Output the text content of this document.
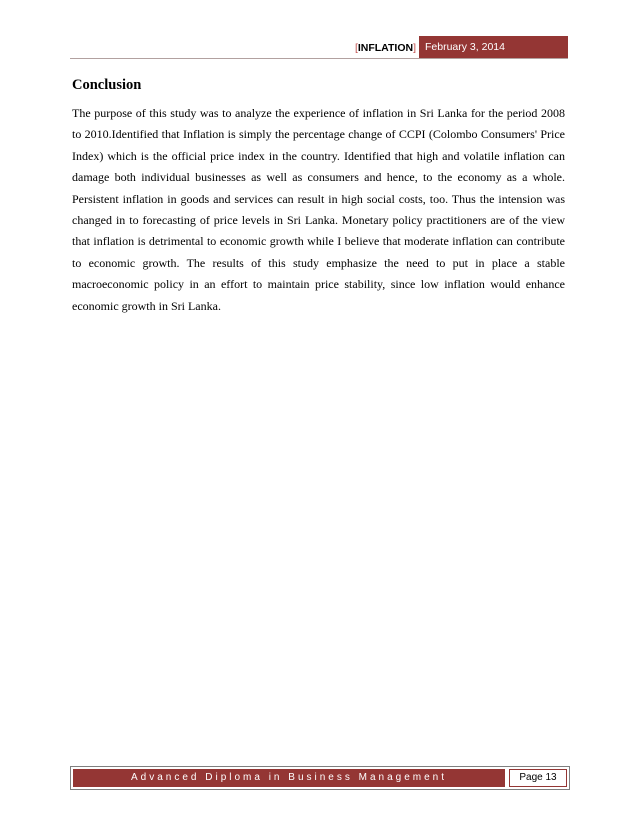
[INFLATION] February 3, 2014
Conclusion

The purpose of this study was to analyze the experience of inflation in Sri Lanka for the period 2008 to 2010.Identified that Inflation is simply the percentage change of CCPI (Colombo Consumers' Price Index) which is the official price index in the country. Identified that high and volatile inflation can damage both individual businesses as well as consumers and hence, to the economy as a whole. Persistent inflation in goods and services can result in high social costs, too. Thus the intension was changed in to forecasting of price levels in Sri Lanka. Monetary policy practitioners are of the view that inflation is detrimental to economic growth while I believe that moderate inflation can contribute to economic growth. The results of this study emphasize the need to put in place a stable macroeconomic policy in an effort to maintain price stability, since low inflation would enhance economic growth in Sri Lanka.

Advanced Diploma in Business Management	Page 13
